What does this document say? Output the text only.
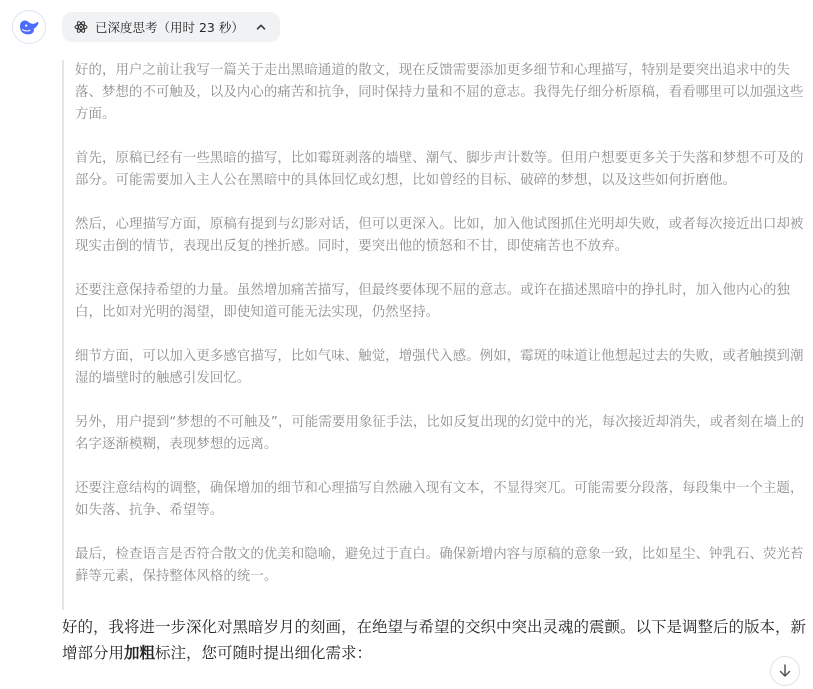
已深度思考（用时 23 秒）

好的，用户之前让我写一篇关于走出黑暗通道的散文，现在反馈需要添加更多细节和心理描写，特别是要突出追求中的失落、梦想的不可触及，以及内心的痛苦和抗争，同时保持力量和不屈的意志。我得先仔细分析原稿，看看哪里可以加强这些方面。

首先，原稿已经有一些黑暗的描写，比如霉斑剥落的墙壁、潮气、脚步声计数等。但用户想要更多关于失落和梦想不可及的部分。可能需要加入主人公在黑暗中的具体回忆或幻想，比如曾经的目标、破碎的梦想，以及这些如何折磨他。

然后，心理描写方面，原稿有提到与幻影对话，但可以更深入。比如，加入他试图抓住光明却失败，或者每次接近出口却被现实击倒的情节，表现出反复的挫折感。同时，要突出他的愤怒和不甘，即使痛苦也不放弃。

还要注意保持希望的力量。虽然增加痛苦描写，但最终要体现不屈的意志。或许在描述黑暗中的挣扎时，加入他内心的独白，比如对光明的渴望，即使知道可能无法实现，仍然坚持。

细节方面，可以加入更多感官描写，比如气味、触觉，增强代入感。例如，霉斑的味道让他想起过去的失败，或者触摸到潮湿的墙壁时的触感引发回忆。

另外，用户提到“梦想的不可触及”，可能需要用象征手法，比如反复出现的幻觉中的光，每次接近却消失，或者刻在墙上的名字逐渐模糊，表现梦想的远离。

还要注意结构的调整，确保增加的细节和心理描写自然融入现有文本，不显得突兀。可能需要分段落，每段集中一个主题，如失落、抗争、希望等。

最后，检查语言是否符合散文的优美和隐喻，避免过于直白。确保新增内容与原稿的意象一致，比如星尘、钟乳石、荧光苔藓等元素，保持整体风格的统一。

好的，我将进一步深化对黑暗岁月的刻画，在绝望与希望的交织中突出灵魂的震颤。以下是调整后的版本，新增部分用加粗标注，您可随时提出细化需求：
